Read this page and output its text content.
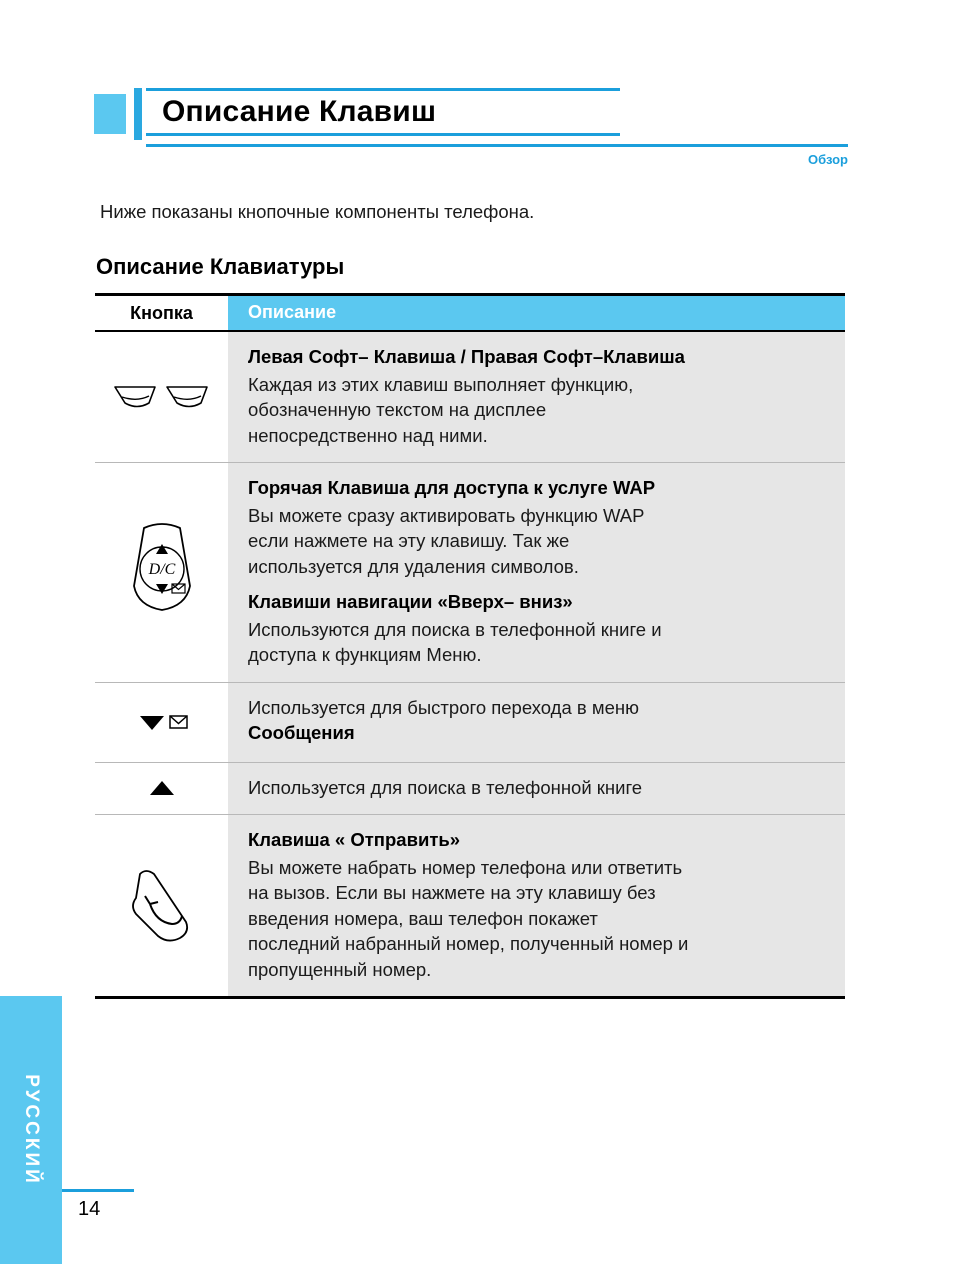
Описание Клавиш
Обзор
Ниже показаны кнопочные компоненты телефона.
Описание Клавиатуры
Кнопка	Описание

Левая Софт– Клавиша / Правая Софт–Клавиша

Каждая из этих клавиш выполняет функцию,

обозначенную текстом на дисплее

непосредственно над ними.

D/C

Горячая Клавиша для доступа к услуге WAP

Вы можете сразу активировать функцию WAP

если нажмете на эту клавишу. Так же

используется для удаления символов.

Клавиши навигации «Вверх– вниз»

Используются для поиска в телефонной книге и

доступа к функциям Меню.

Используется для быстрого перехода в меню

Сообщения

Используется для поиска в телефонной книге

Клавиша « Отправить»

Вы можете набрать номер телефона или ответить

на вызов. Если вы нажмете на эту клавишу без

введения номера, ваш телефон покажет

последний набранный номер, полученный номер и

пропущенный номер.

РУССКИЙ
14
